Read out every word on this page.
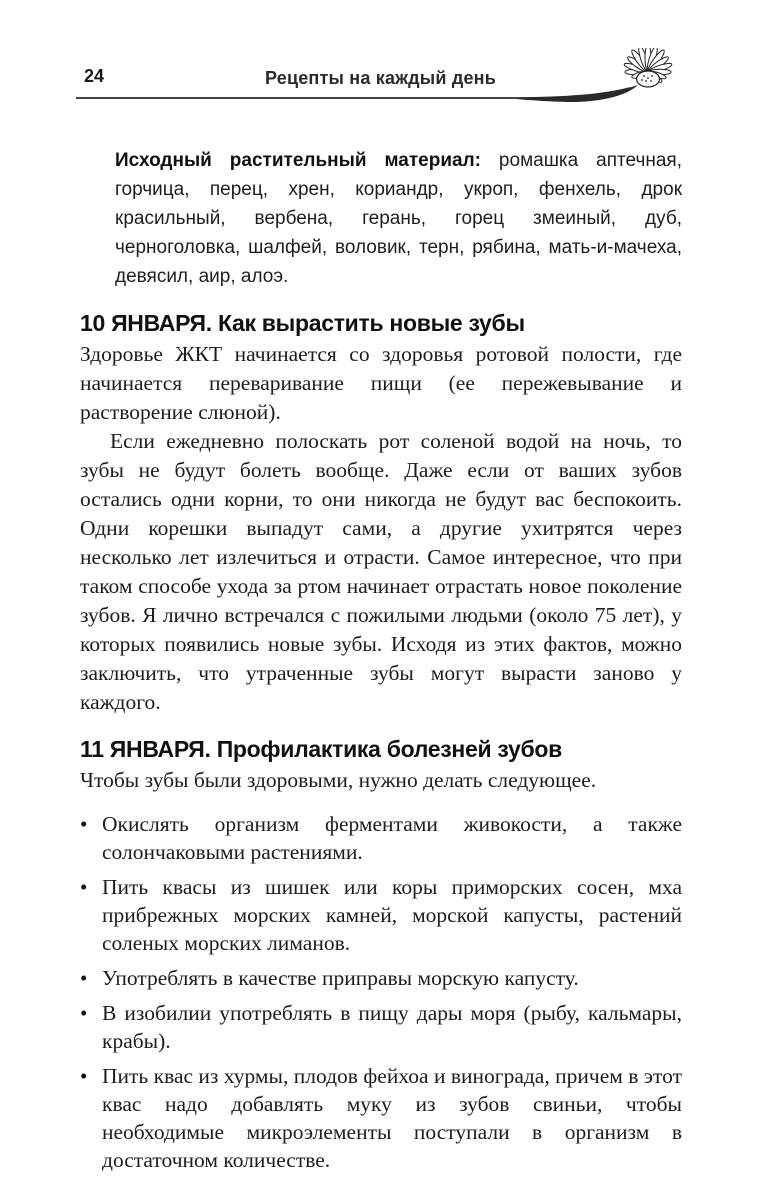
24	Рецепты на каждый день

Исходный растительный материал: ромашка аптечная, горчица, перец, хрен, кориандр, укроп, фенхель, дрок красильный, вербена, герань, горец змеиный, дуб, черноголовка, шалфей, воловик, терн, рябина, мать-и-мачеха, девясил, аир, алоэ.

10 ЯНВАРЯ. Как вырастить новые зубы

Здоровье ЖКТ начинается со здоровья ротовой полости, где начинается переваривание пищи (ее пережевывание и растворение слюной).

Если ежедневно полоскать рот соленой водой на ночь, то зубы не будут болеть вообще. Даже если от ваших зубов остались одни корни, то они никогда не будут вас беспокоить. Одни корешки выпадут сами, а другие ухитрятся через несколько лет излечиться и отрасти. Самое интересное, что при таком способе ухода за ртом начинает отрастать новое поколение зубов. Я лично встречался с пожилыми людьми (около 75 лет), у которых появились новые зубы. Исходя из этих фактов, можно заключить, что утраченные зубы могут вырасти заново у каждого.

11 ЯНВАРЯ. Профилактика болезней зубов

Чтобы зубы были здоровыми, нужно делать следующее.

• Окислять организм ферментами живокости, а также солончаковыми растениями.
• Пить квасы из шишек или коры приморских сосен, мха прибрежных морских камней, морской капусты, растений соленых морских лиманов.
• Употреблять в качестве приправы морскую капусту.
• В изобилии употреблять в пищу дары моря (рыбу, кальмары, крабы).
• Пить квас из хурмы, плодов фейхоа и винограда, причем в этот квас надо добавлять муку из зубов свиньи, чтобы необходимые микроэлементы поступали в организм в достаточном количестве.
